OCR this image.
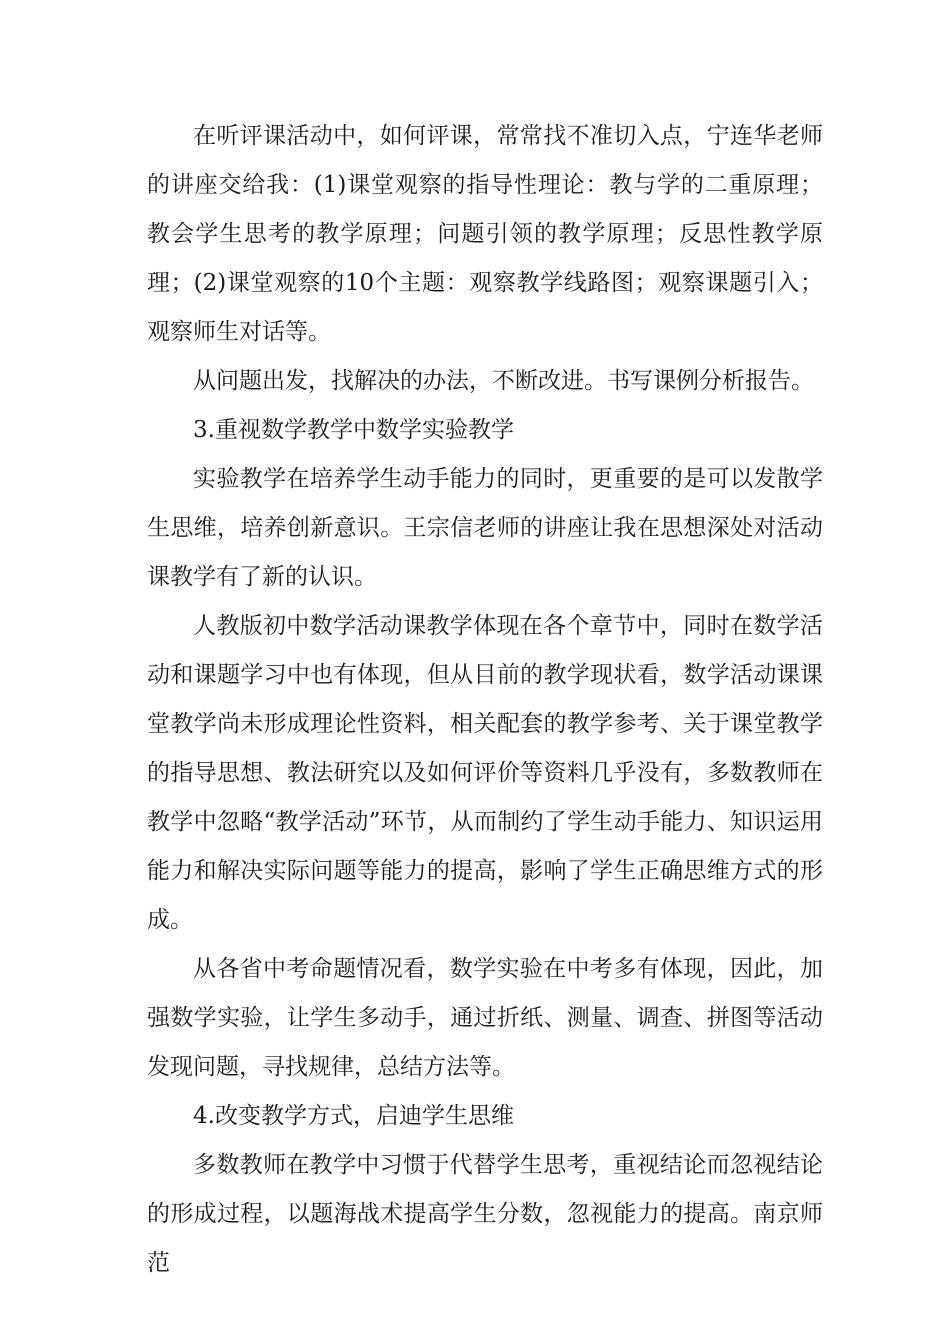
在听评课活动中，如何评课，常常找不准切入点，宁连华老师的讲座交给我：(1)课堂观察的指导性理论：教与学的二重原理；教会学生思考的教学原理；问题引领的教学原理；反思性教学原理；(2)课堂观察的10个主题：观察教学线路图；观察课题引入；观察师生对话等。

从问题出发，找解决的办法，不断改进。书写课例分析报告。

3.重视数学教学中数学实验教学

实验教学在培养学生动手能力的同时，更重要的是可以发散学生思维，培养创新意识。王宗信老师的讲座让我在思想深处对活动课教学有了新的认识。

人教版初中数学活动课教学体现在各个章节中，同时在数学活动和课题学习中也有体现，但从目前的教学现状看，数学活动课课堂教学尚未形成理论性资料，相关配套的教学参考、关于课堂教学的指导思想、教法研究以及如何评价等资料几乎没有，多数教师在教学中忽略“教学活动”环节，从而制约了学生动手能力、知识运用能力和解决实际问题等能力的提高，影响了学生正确思维方式的形成。

从各省中考命题情况看，数学实验在中考多有体现，因此，加强数学实验，让学生多动手，通过折纸、测量、调查、拼图等活动发现问题，寻找规律，总结方法等。

4.改变教学方式，启迪学生思维

多数教师在教学中习惯于代替学生思考，重视结论而忽视结论的形成过程，以题海战术提高学生分数，忽视能力的提高。南京师范
